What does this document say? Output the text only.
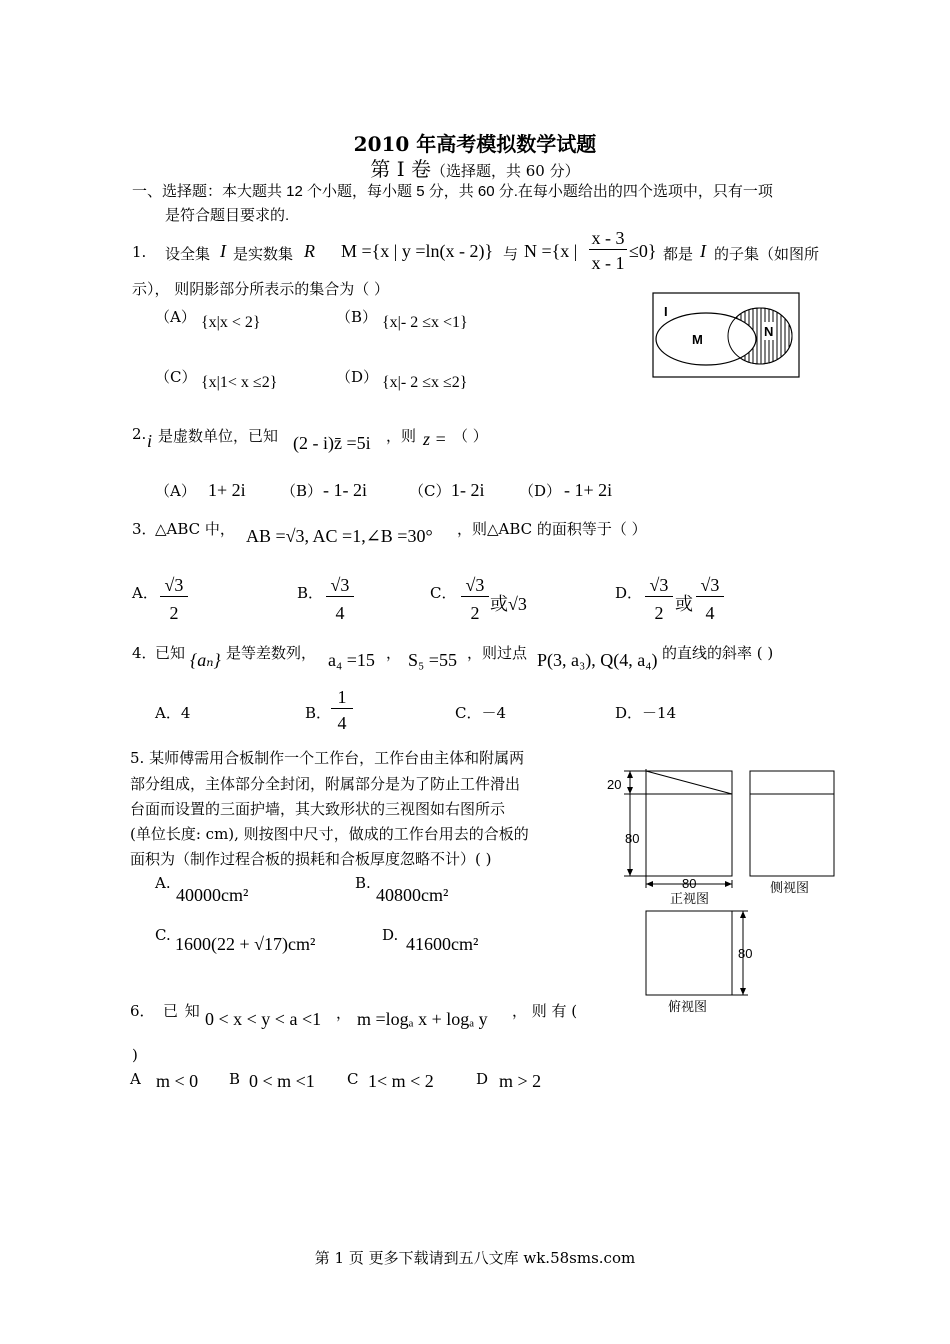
2010 年高考模拟数学试题
第 I 卷（选择题，共 60 分）
一、选择题：本大题共 12 个小题，每小题 5 分，共 60 分.在每小题给出的四个选项中，只有一项
是符合题目要求的.
1. 设全集 I 是实数集 R M ={x | y =ln(x - 2)} 与 N ={x |
x - 3
x - 1
≤0} 都是 I 的子集（如图所
示）， 则阴影部分所表示的集合为（ ）
（A） {x|x < 2}	（B） {x|- 2 ≤x <1}
（C） {x|1< x ≤2}	（D） {x|- 2 ≤x ≤2}
I
M
N
2. i 是虚数单位，已知 (2 - i)z̄ =5i ，则 z = （ ）
（A） 1+ 2i （B） - 1- 2i	（C） 1- 2i （D） - 1+ 2i
3．
△ABC 中， AB =√3, AC =1,∠B =30° ，则△ABC 的面积等于（ ）
A． √3
2
B． √3
4
C． √3
2 或√3
D． √3
2 或
√3
4
4．
已知 {aₙ} 是等差数列， a₄ =15 ， S₅ =55 ，则过点 P(3, a₃), Q(4, a₄) 的直线的斜率 ( )
A．4	B．
1
4	C．－4	D．－14
5. 某师傅需用合板制作一个工作台，工作台由主体和附属两
部分组成，主体部分全封闭，附属部分是为了防止工件滑出
台面而设置的三面护墙，其大致形状的三视图如右图所示
(单位长度: cm), 则按图中尺寸，做成的工作台用去的合板的
面积为（制作过程合板的损耗和合板厚度忽略不计）( )
A.
40000cm²
B.
40800cm²
C. 1600(22 + √17)cm²	D. 41600cm²
20
80
80
正视图
侧视图
80
俯视图
6． 已 知 0 < x < y < a <1 ， m =logₐ x + logₐ y ， 则 有 (
)
A m < 0 B 0 < m <1 C 1< m < 2	D m > 2
第 1 页 更多下载请到五八文库 wk.58sms.com
